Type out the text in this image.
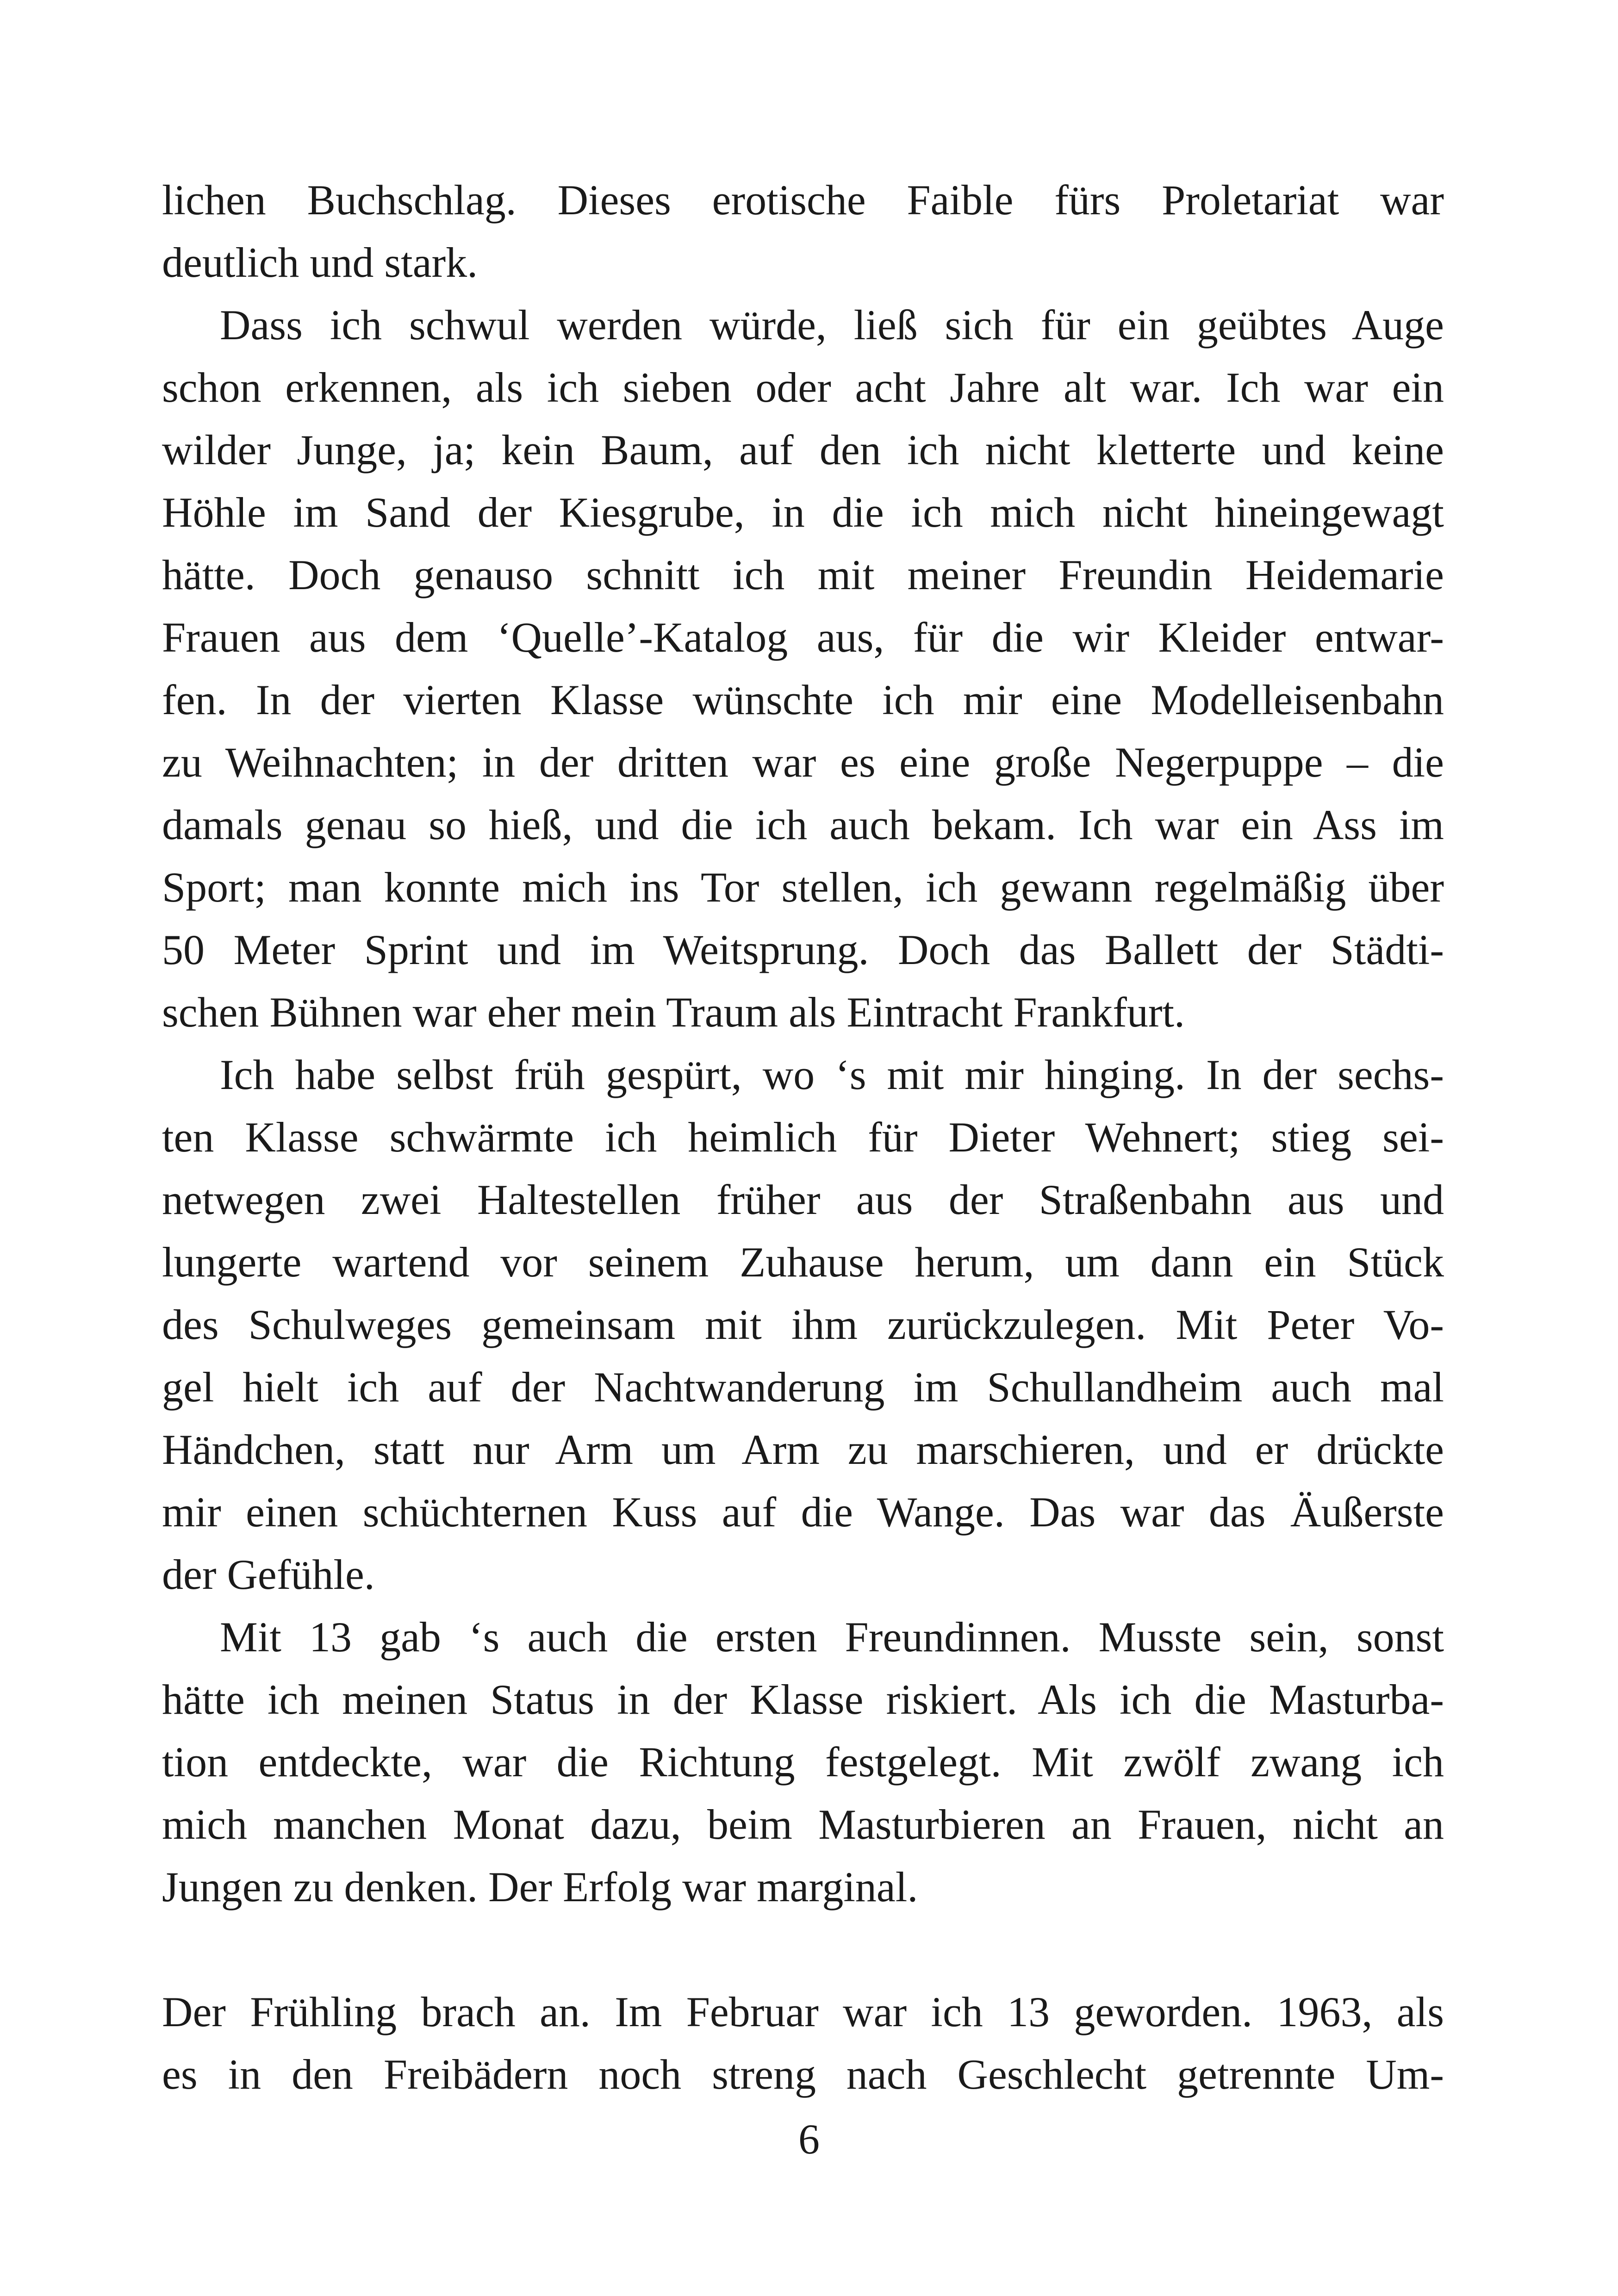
lichen Buchschlag. Dieses erotische Faible fürs Proletariat war
deutlich und stark.
Dass ich schwul werden würde, ließ sich für ein geübtes Auge
schon erkennen, als ich sieben oder acht Jahre alt war. Ich war ein
wilder Junge, ja; kein Baum, auf den ich nicht kletterte und keine
Höhle im Sand der Kiesgrube, in die ich mich nicht hineingewagt
hätte. Doch genauso schnitt ich mit meiner Freundin Heidemarie
Frauen aus dem ‘Quelle’-Katalog aus, für die wir Kleider entwar-
fen. In der vierten Klasse wünschte ich mir eine Modelleisenbahn
zu Weihnachten; in der dritten war es eine große Negerpuppe – die
damals genau so hieß, und die ich auch bekam. Ich war ein Ass im
Sport; man konnte mich ins Tor stellen, ich gewann regelmäßig über
50 Meter Sprint und im Weitsprung. Doch das Ballett der Städti-
schen Bühnen war eher mein Traum als Eintracht Frankfurt.
Ich habe selbst früh gespürt, wo ‘s mit mir hinging. In der sechs-
ten Klasse schwärmte ich heimlich für Dieter Wehnert; stieg sei-
netwegen zwei Haltestellen früher aus der Straßenbahn aus und
lungerte wartend vor seinem Zuhause herum, um dann ein Stück
des Schulweges gemeinsam mit ihm zurückzulegen. Mit Peter Vo-
gel hielt ich auf der Nachtwanderung im Schullandheim auch mal
Händchen, statt nur Arm um Arm zu marschieren, und er drückte
mir einen schüchternen Kuss auf die Wange. Das war das Äußerste
der Gefühle.
Mit 13 gab ‘s auch die ersten Freundinnen. Musste sein, sonst
hätte ich meinen Status in der Klasse riskiert. Als ich die Masturba-
tion entdeckte, war die Richtung festgelegt. Mit zwölf zwang ich
mich manchen Monat dazu, beim Masturbieren an Frauen, nicht an
Jungen zu denken. Der Erfolg war marginal.
Der Frühling brach an. Im Februar war ich 13 geworden. 1963, als
es in den Freibädern noch streng nach Geschlecht getrennte Um-
6
